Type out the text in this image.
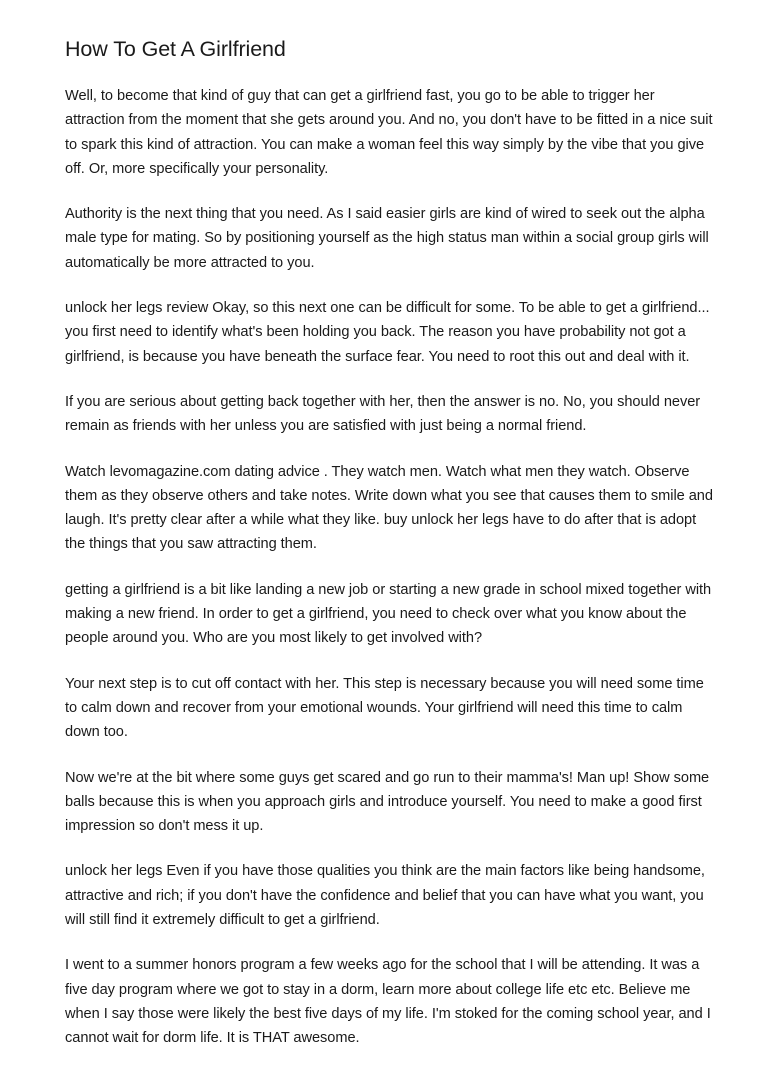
How To Get A Girlfriend

Well, to become that kind of guy that can get a girlfriend fast, you go to be able to trigger her attraction from the moment that she gets around you. And no, you don't have to be fitted in a nice suit to spark this kind of attraction. You can make a woman feel this way simply by the vibe that you give off. Or, more specifically your personality.

Authority is the next thing that you need. As I said easier girls are kind of wired to seek out the alpha male type for mating. So by positioning yourself as the high status man within a social group girls will automatically be more attracted to you.

unlock her legs review Okay, so this next one can be difficult for some. To be able to get a girlfriend... you first need to identify what's been holding you back. The reason you have probability not got a girlfriend, is because you have beneath the surface fear. You need to root this out and deal with it.

If you are serious about getting back together with her, then the answer is no. No, you should never remain as friends with her unless you are satisfied with just being a normal friend.

Watch levomagazine.com dating advice . They watch men. Watch what men they watch. Observe them as they observe others and take notes. Write down what you see that causes them to smile and laugh. It's pretty clear after a while what they like. buy unlock her legs have to do after that is adopt the things that you saw attracting them.

getting a girlfriend is a bit like landing a new job or starting a new grade in school mixed together with making a new friend. In order to get a girlfriend, you need to check over what you know about the people around you. Who are you most likely to get involved with?

Your next step is to cut off contact with her. This step is necessary because you will need some time to calm down and recover from your emotional wounds. Your girlfriend will need this time to calm down too.

Now we're at the bit where some guys get scared and go run to their mamma's! Man up! Show some balls because this is when you approach girls and introduce yourself. You need to make a good first impression so don't mess it up.

unlock her legs Even if you have those qualities you think are the main factors like being handsome, attractive and rich; if you don't have the confidence and belief that you can have what you want, you will still find it extremely difficult to get a girlfriend.

I went to a summer honors program a few weeks ago for the school that I will be attending. It was a five day program where we got to stay in a dorm, learn more about college life etc etc. Believe me when I say those were likely the best five days of my life. I'm stoked for the coming school year, and I cannot wait for dorm life. It is THAT awesome.
